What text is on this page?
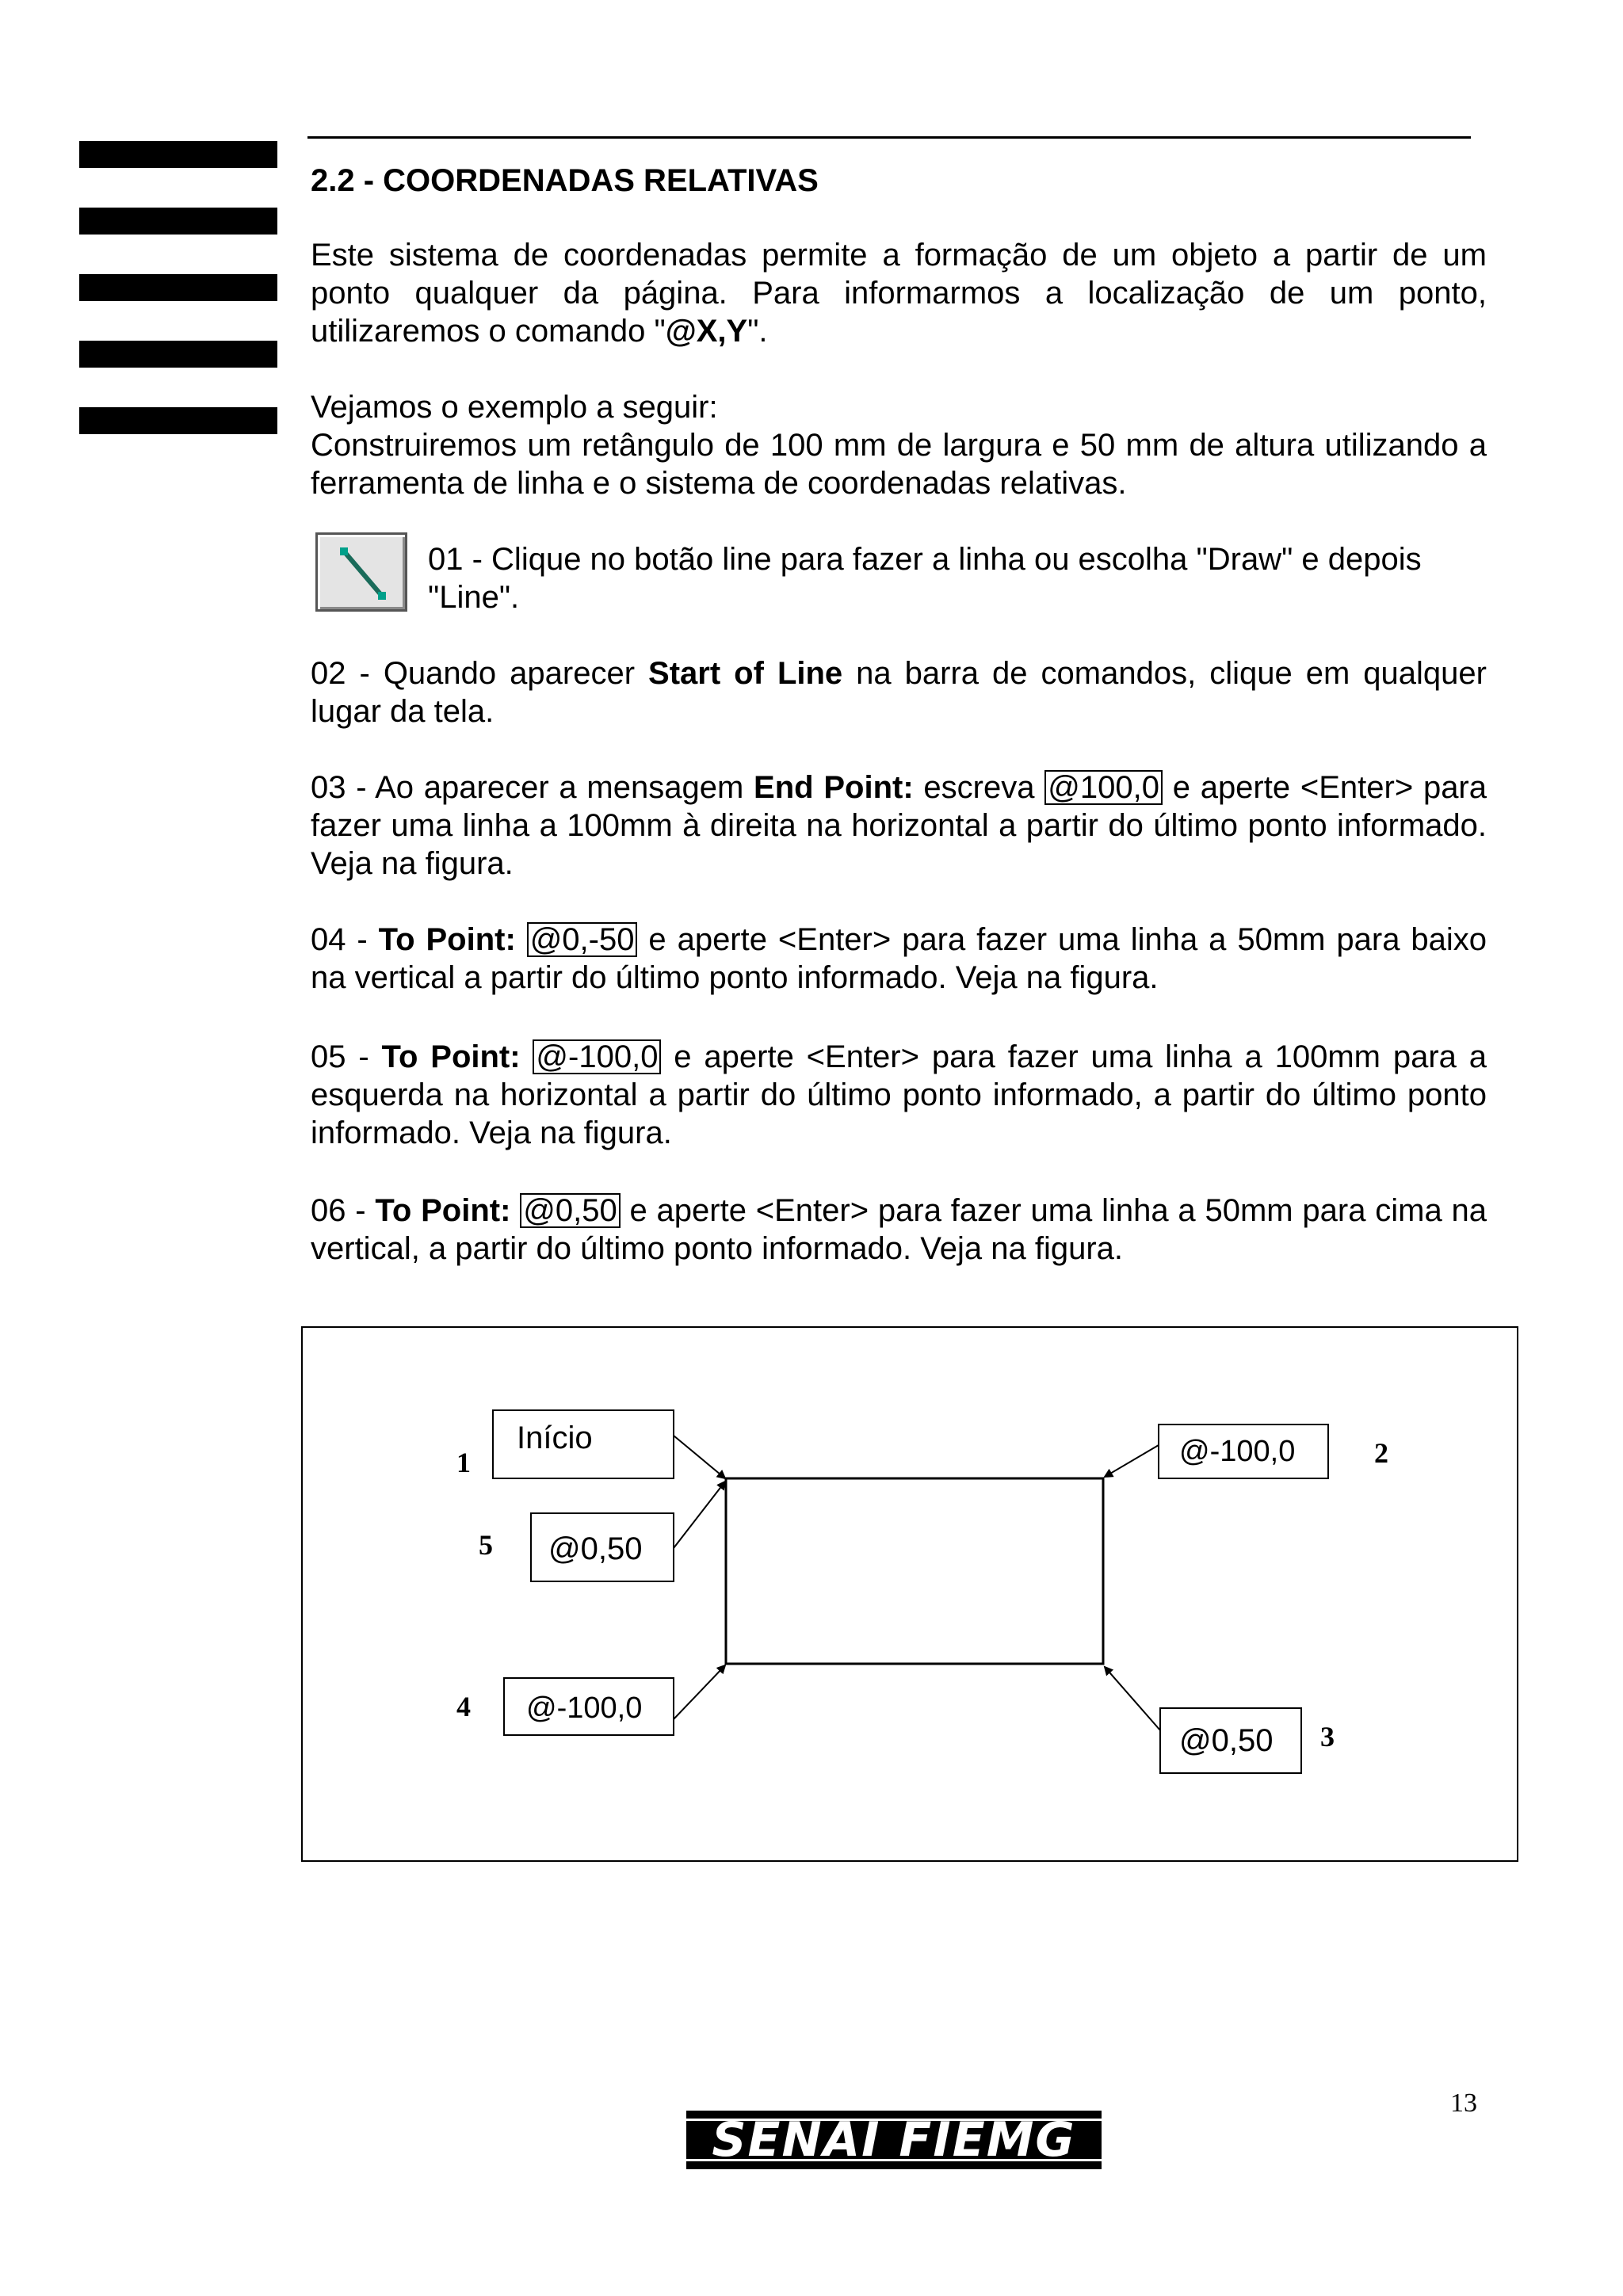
2.2 - COORDENADAS RELATIVAS

Este sistema de coordenadas permite a formação de um objeto a partir de um ponto qualquer da página. Para informarmos a localização de um ponto, utilizaremos o comando "@X,Y".

Vejamos o exemplo a seguir:

Construiremos um retângulo de 100 mm de largura e 50 mm de altura utilizando a ferramenta de linha e o sistema de coordenadas relativas.

01 - Clique no botão line para fazer a linha ou escolha "Draw" e depois "Line".

02 - Quando aparecer Start of Line na barra de comandos, clique em qualquer lugar da tela.

03 - Ao aparecer a mensagem End Point: escreva @100,0 e aperte <Enter> para fazer uma linha a 100mm à direita na horizontal a partir do último ponto informado. Veja na figura.

04 - To Point: @0,-50 e aperte <Enter> para fazer uma linha a 50mm para baixo na vertical a partir do último ponto informado. Veja na figura.

05 - To Point: @-100,0 e aperte <Enter> para fazer uma linha a 100mm para a esquerda na horizontal a partir do último ponto informado, a partir do último ponto informado. Veja na figura.

06 - To Point: @0,50 e aperte <Enter> para fazer uma linha a 50mm para cima na vertical, a partir do último ponto informado. Veja na figura.

Início
@0,50
@-100,0
@-100,0
@0,50
1
5
4
2
3
13
SENAI FIEMG
